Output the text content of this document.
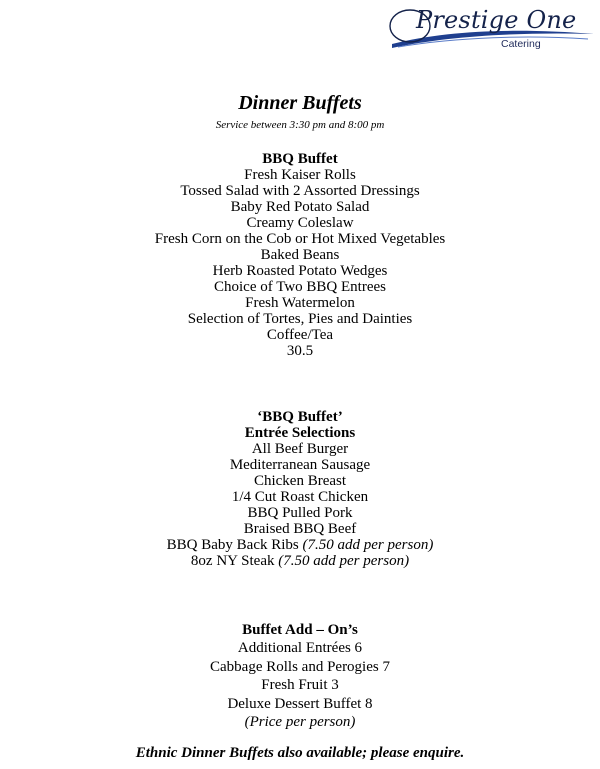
Prestige One
Catering
Dinner Buffets
Service between 3:30 pm and 8:00 pm
BBQ Buffet
Fresh Kaiser Rolls
Tossed Salad with 2 Assorted Dressings
Baby Red Potato Salad
Creamy Coleslaw
Fresh Corn on the Cob or Hot Mixed Vegetables
Baked Beans
Herb Roasted Potato Wedges
Choice of Two BBQ Entrees
Fresh Watermelon
Selection of Tortes, Pies and Dainties
Coffee/Tea
30.5
‘BBQ Buffet’
Entrée Selections
All Beef Burger
Mediterranean Sausage
Chicken Breast
1/4 Cut Roast Chicken
BBQ Pulled Pork
Braised BBQ Beef
BBQ Baby Back Ribs (7.50 add per person)
8oz NY Steak (7.50 add per person)
Buffet Add – On’s
Additional Entrées 6
Cabbage Rolls and Perogies 7
Fresh Fruit 3
Deluxe Dessert Buffet 8
(Price per person)
Ethnic Dinner Buffets also available; please enquire.
